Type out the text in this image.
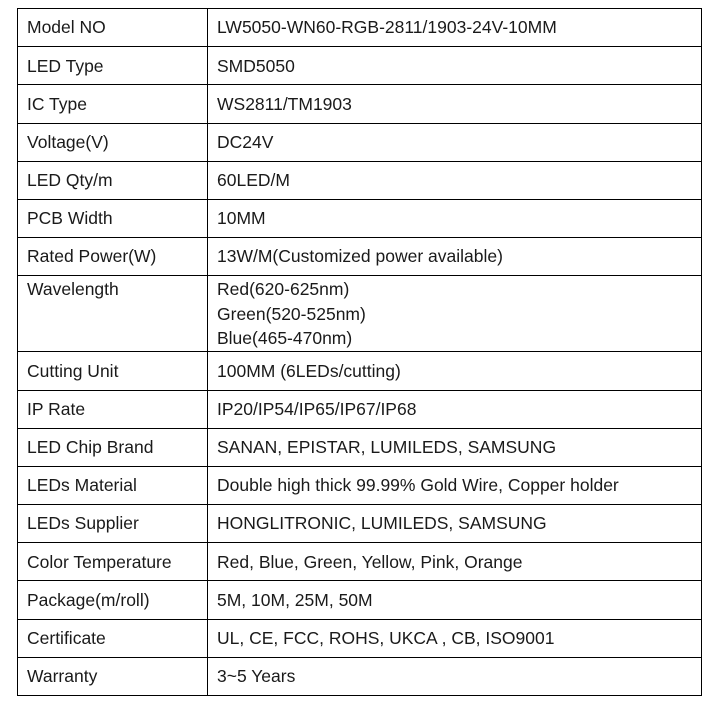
Model NO	LW5050-WN60-RGB-2811/1903-24V-10MM
LED Type	SMD5050
IC Type	WS2811/TM1903
Voltage(V)	DC24V
LED Qty/m	60LED/M
PCB Width	10MM
Rated Power(W)	13W/M(Customized power available)
Wavelength	Red(620-625nm)
Green(520-525nm)
Blue(465-470nm)

Cutting Unit	100MM (6LEDs/cutting)
IP Rate	IP20/IP54/IP65/IP67/IP68
LED Chip Brand	SANAN, EPISTAR, LUMILEDS, SAMSUNG
LEDs Material	Double high thick 99.99% Gold Wire, Copper holder
LEDs Supplier	HONGLITRONIC, LUMILEDS, SAMSUNG
Color Temperature	Red, Blue, Green, Yellow, Pink, Orange
Package(m/roll)	5M, 10M, 25M, 50M
Certificate	UL, CE, FCC, ROHS, UKCA , CB, ISO9001
Warranty	3~5 Years
